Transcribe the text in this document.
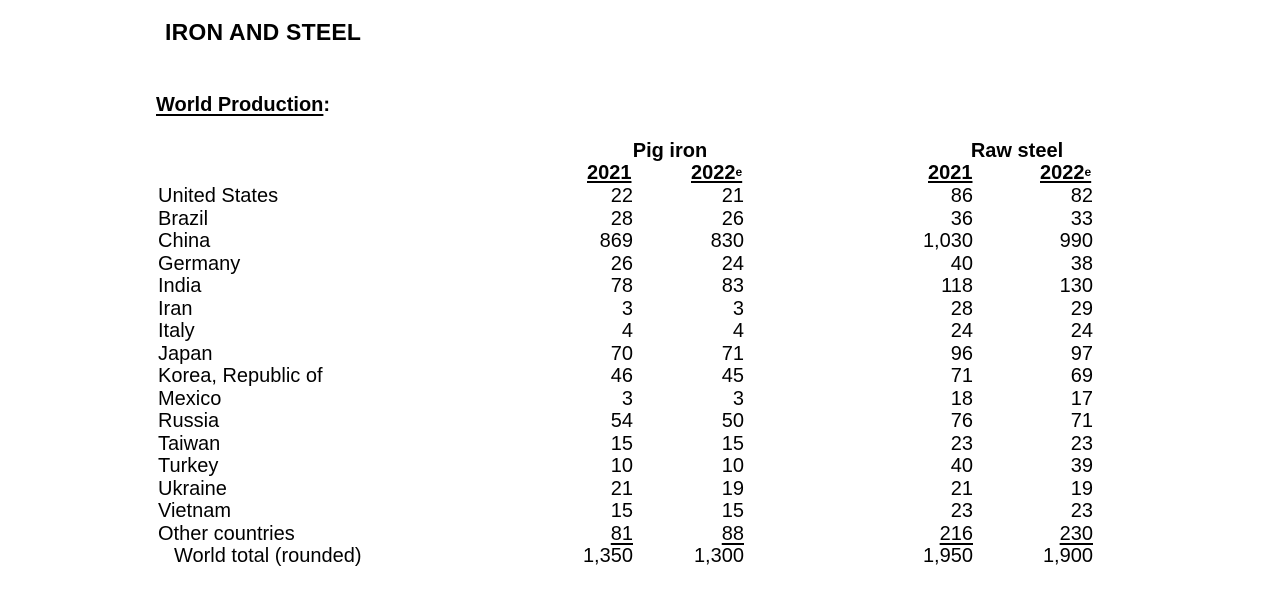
IRON AND STEEL
World Production:
Pig iron	Raw steel
2021	2022e	2021	2022e
United States	22	21	86	82
Brazil	28	26	36	33
China	869	830	1,030	990
Germany	26	24	40	38
India	78	83	118	130
Iran	3	3	28	29
Italy	4	4	24	24
Japan	70	71	96	97
Korea, Republic of	46	45	71	69
Mexico	3	3	18	17
Russia	54	50	76	71
Taiwan	15	15	23	23
Turkey	10	10	40	39
Ukraine	21	19	21	19
Vietnam	15	15	23	23
Other countries	81	88	216	230
World total (rounded)	1,350	1,300	1,950	1,900
